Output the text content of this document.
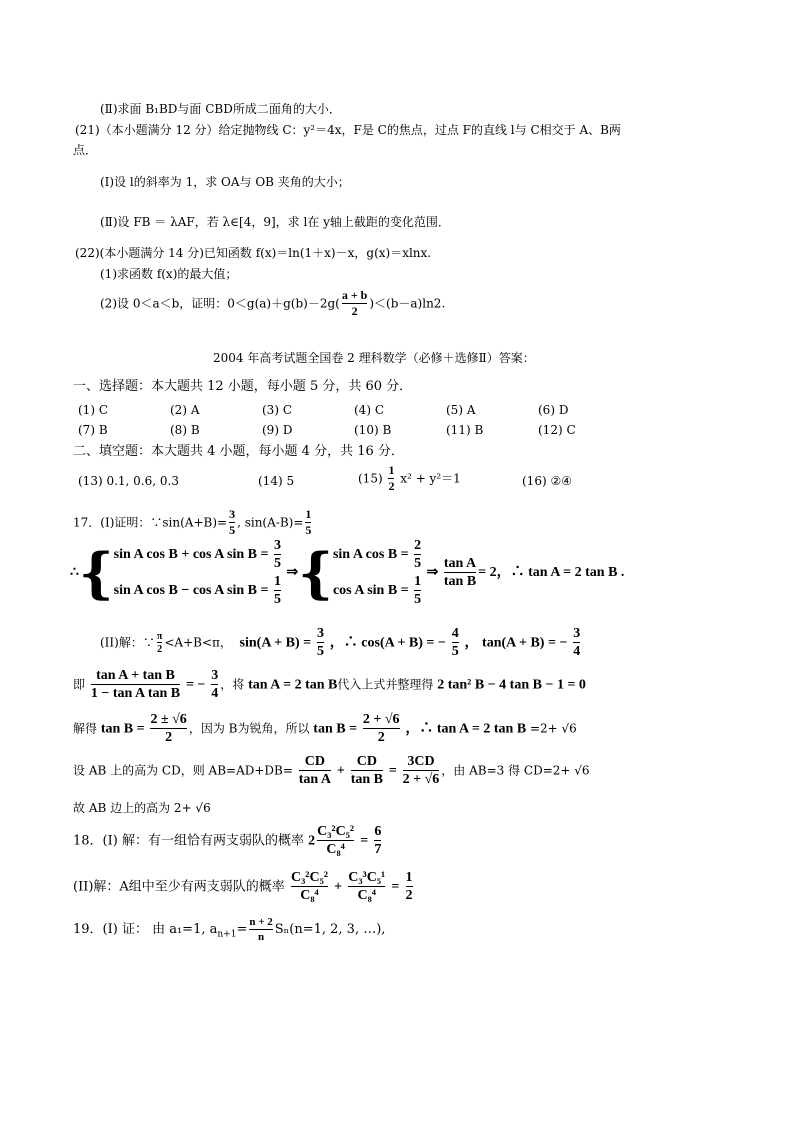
(Ⅱ)求面 B₁BD与面 CBD所成二面角的大小．
(21)（本小题满分 12 分）给定抛物线 C：y²＝4x，F是 C的焦点，过点 F的直线 l与 C相交于 A、B两
点．
(Ⅰ)设 l的斜率为 1，求 OA与 OB 夹角的大小；
(Ⅱ)设 FB ＝ λAF，若 λ∈[4，9]，求 l在 y轴上截距的变化范围．
(22)(本小题满分 14 分)已知函数 f(x)＝ln(1＋x)－x，g(x)＝xlnx.
(1)求函数 f(x)的最大值；
(2)设 0＜a＜b，证明：$0<g(a)+g(b)-2g( \frac{a + b}{2} )<(b-a)\ln 2$.
2004 年高考试题全国卷 2 理科数学（必修＋选修Ⅱ）答案：
一、选择题：本大题共 12 小题，每小题 5 分，共 60 分．
(1) C	(2) A	(3) C	(4) C	(5) A	(6) D
(7) B	(8) B	(9) D	(10) B	(11) B	(12) C
二、填空题：本大题共 4 小题，每小题 4 分，共 16 分．
(13) 0.1, 0.6, 0.3	(14) 5	$(15) \frac{1}{2} x^2 + y^2=1$	(16) ②④
17．(I)证明：∵sin(A+B)= $\frac{3}{5}$ , $\sin(A-B)= \frac{1}{5}$
∴{ sin A cos B + cos A sin B =
$\frac{3}{5}$
sin A cos B − cos A sin B =
$\frac{1}{5}$
⇒{ sin A cos B =
$\frac{2}{5}$
cos A sin B =
$\frac{1}{5}$
⇒ $\frac{\text{tan A}}{\text{tan B}} = 2$，∴ tan A = 2 tan B .
(II)解：∵ $\frac{\pi}{2} <A+B<\pi$， $\sin(A + B) = \frac{3}{5}$ ，∴ cos(A + B) = − $\frac{4}{5}$ ， tan(A + B) = − $\frac{3}{4}$
即 $\frac{\text{tan A + tan B}}{\text{1 − tan A tan B}}$ = − $\frac{3}{4}$ ，将 tan A = 2 tan B代入上式并整理得 2 tan² B − 4 tan B − 1 = 0
解得 $\tan B = \frac{2 \pm √6}{2}$ ，因为 B为锐角，所以 $\tan B = \frac{2 + √6}{2}$ ，∴ tan A = 2 tan B =2+ √6
设 AB 上的高为 CD，则 $AB=AD+DB= \frac{CD}{\text{tan A}} + \frac{CD}{\text{tan B}} = \frac{3CD}{2 + √6}$ ，由 AB=3 得 CD=2+ √6
故 AB 边上的高为 2+ √6
18．(I) 解：有一组恰有两支弱队的概率 $2 \frac{\text{C₃²C₅²}}{\text{C₈⁴}} = \frac{6}{7}$
(II)解：A组中至少有两支弱队的概率 $\frac{\text{C₃²C₅²}}{\text{C₈⁴}} + \frac{\text{C₃³C₅¹}}{\text{C₈⁴}} = \frac{1}{2}$
19．(I) 证： 由 a₁=1, $a_{n+1}= \frac{n + 2}{n} S_n(n=1$, 2, 3, …),
